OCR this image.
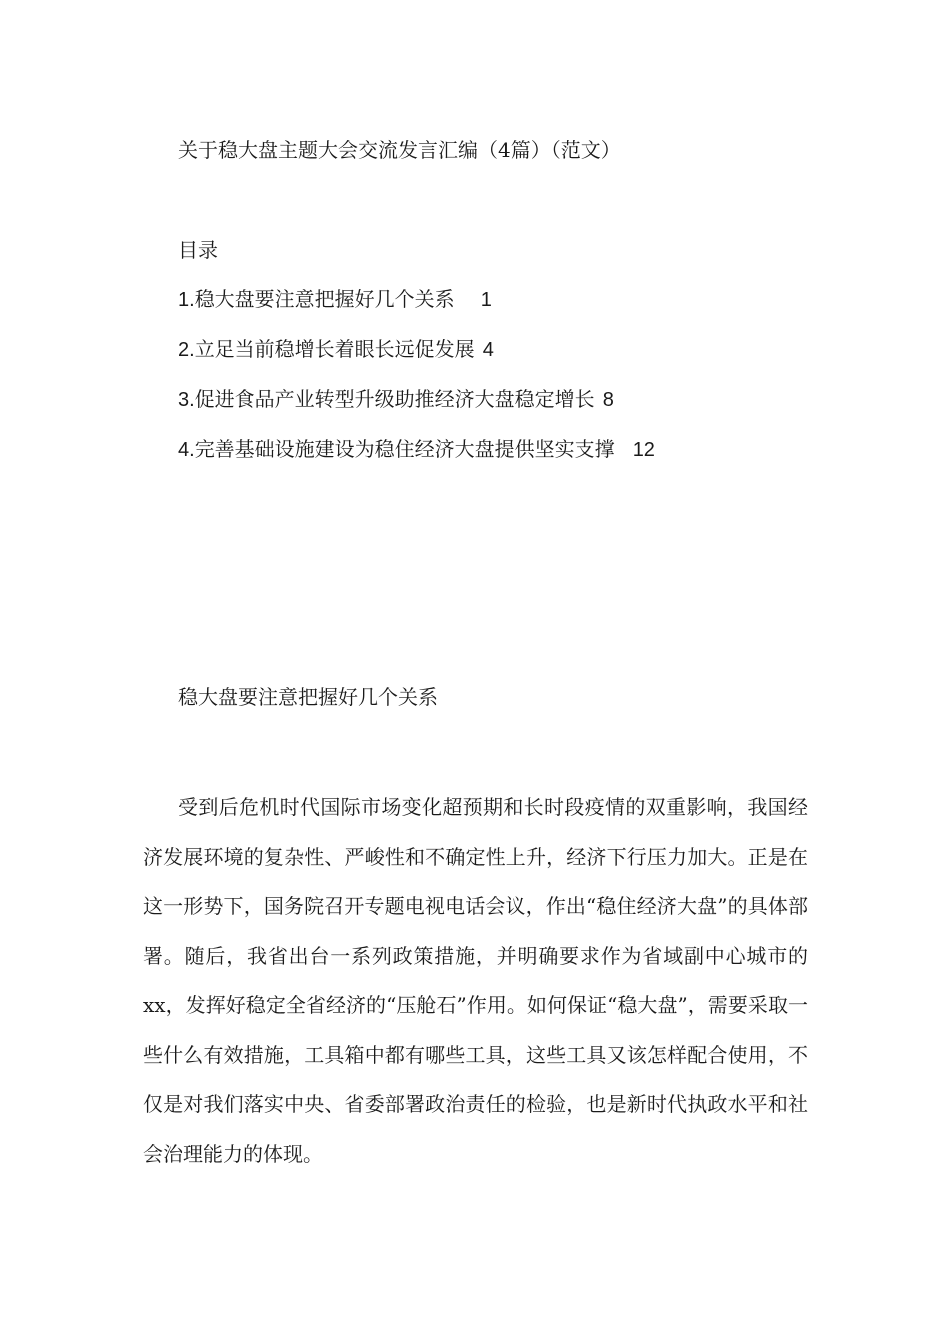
关于稳大盘主题大会交流发言汇编（4篇）（范文）
目录
1.稳大盘要注意把握好几个关系 1
2.立足当前稳增长着眼长远促发展 4
3.促进食品产业转型升级助推经济大盘稳定增长 8
4.完善基础设施建设为稳住经济大盘提供坚实支撑 12
稳大盘要注意把握好几个关系

受到后危机时代国际市场变化超预期和长时段疫情的双重影响，我国经济发展环境的复杂性、严峻性和不确定性上升，经济下行压力加大。正是在这一形势下，国务院召开专题电视电话会议，作出“稳住经济大盘”的具体部署。随后，我省出台一系列政策措施，并明确要求作为省域副中心城市的xx，发挥好稳定全省经济的“压舱石”作用。如何保证“稳大盘”，需要采取一些什么有效措施，工具箱中都有哪些工具，这些工具又该怎样配合使用，不仅是对我们落实中央、省委部署政治责任的检验，也是新时代执政水平和社会治理能力的体现。
